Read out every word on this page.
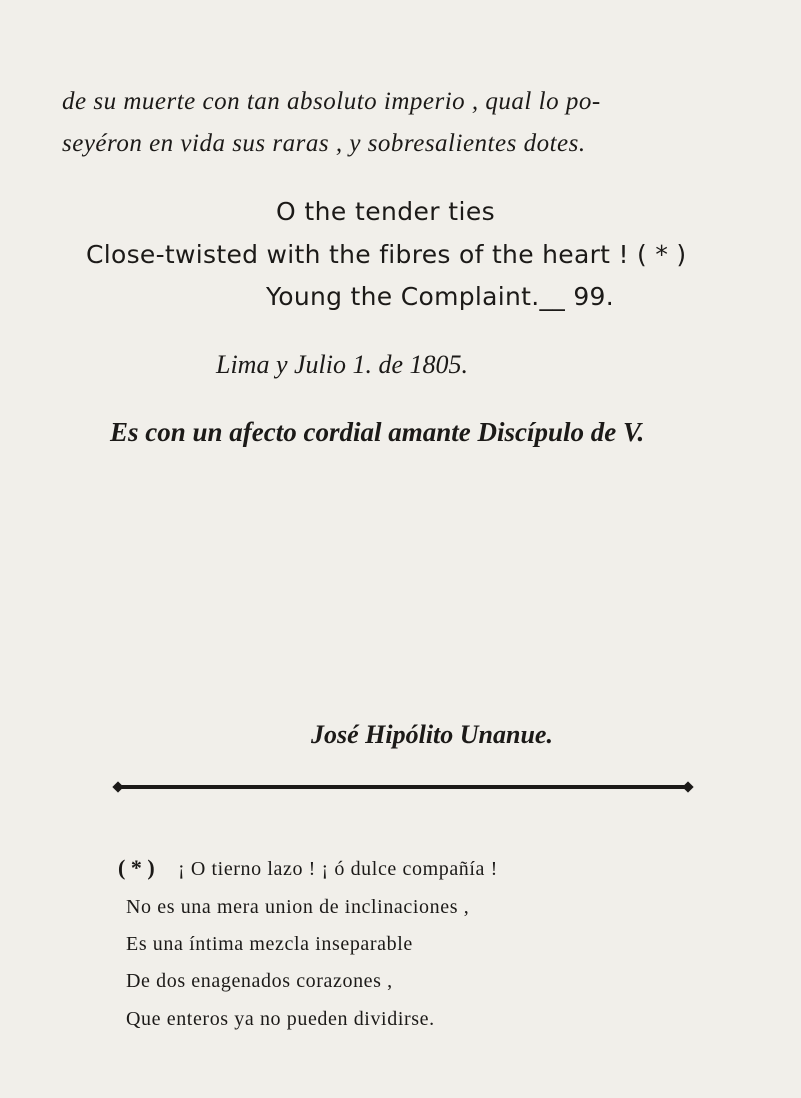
de su muerte con tan absoluto imperio , qual lo po-
seyéron en vida sus raras , y sobresalientes dotes.
O the tender ties
Close-twisted with the fibres of the heart ! ( * )
Young the Complaint.__ 99.
Lima y Julio 1. de 1805.
Es con un afecto cordial amante Discípulo de V.
José Hipólito Unanue.
( * ) ¡ O tierno lazo ! ¡ ó dulce compañía !
No es una mera union de inclinaciones ,
Es una íntima mezcla inseparable
De dos enagenados corazones ,
Que enteros ya no pueden dividirse.
